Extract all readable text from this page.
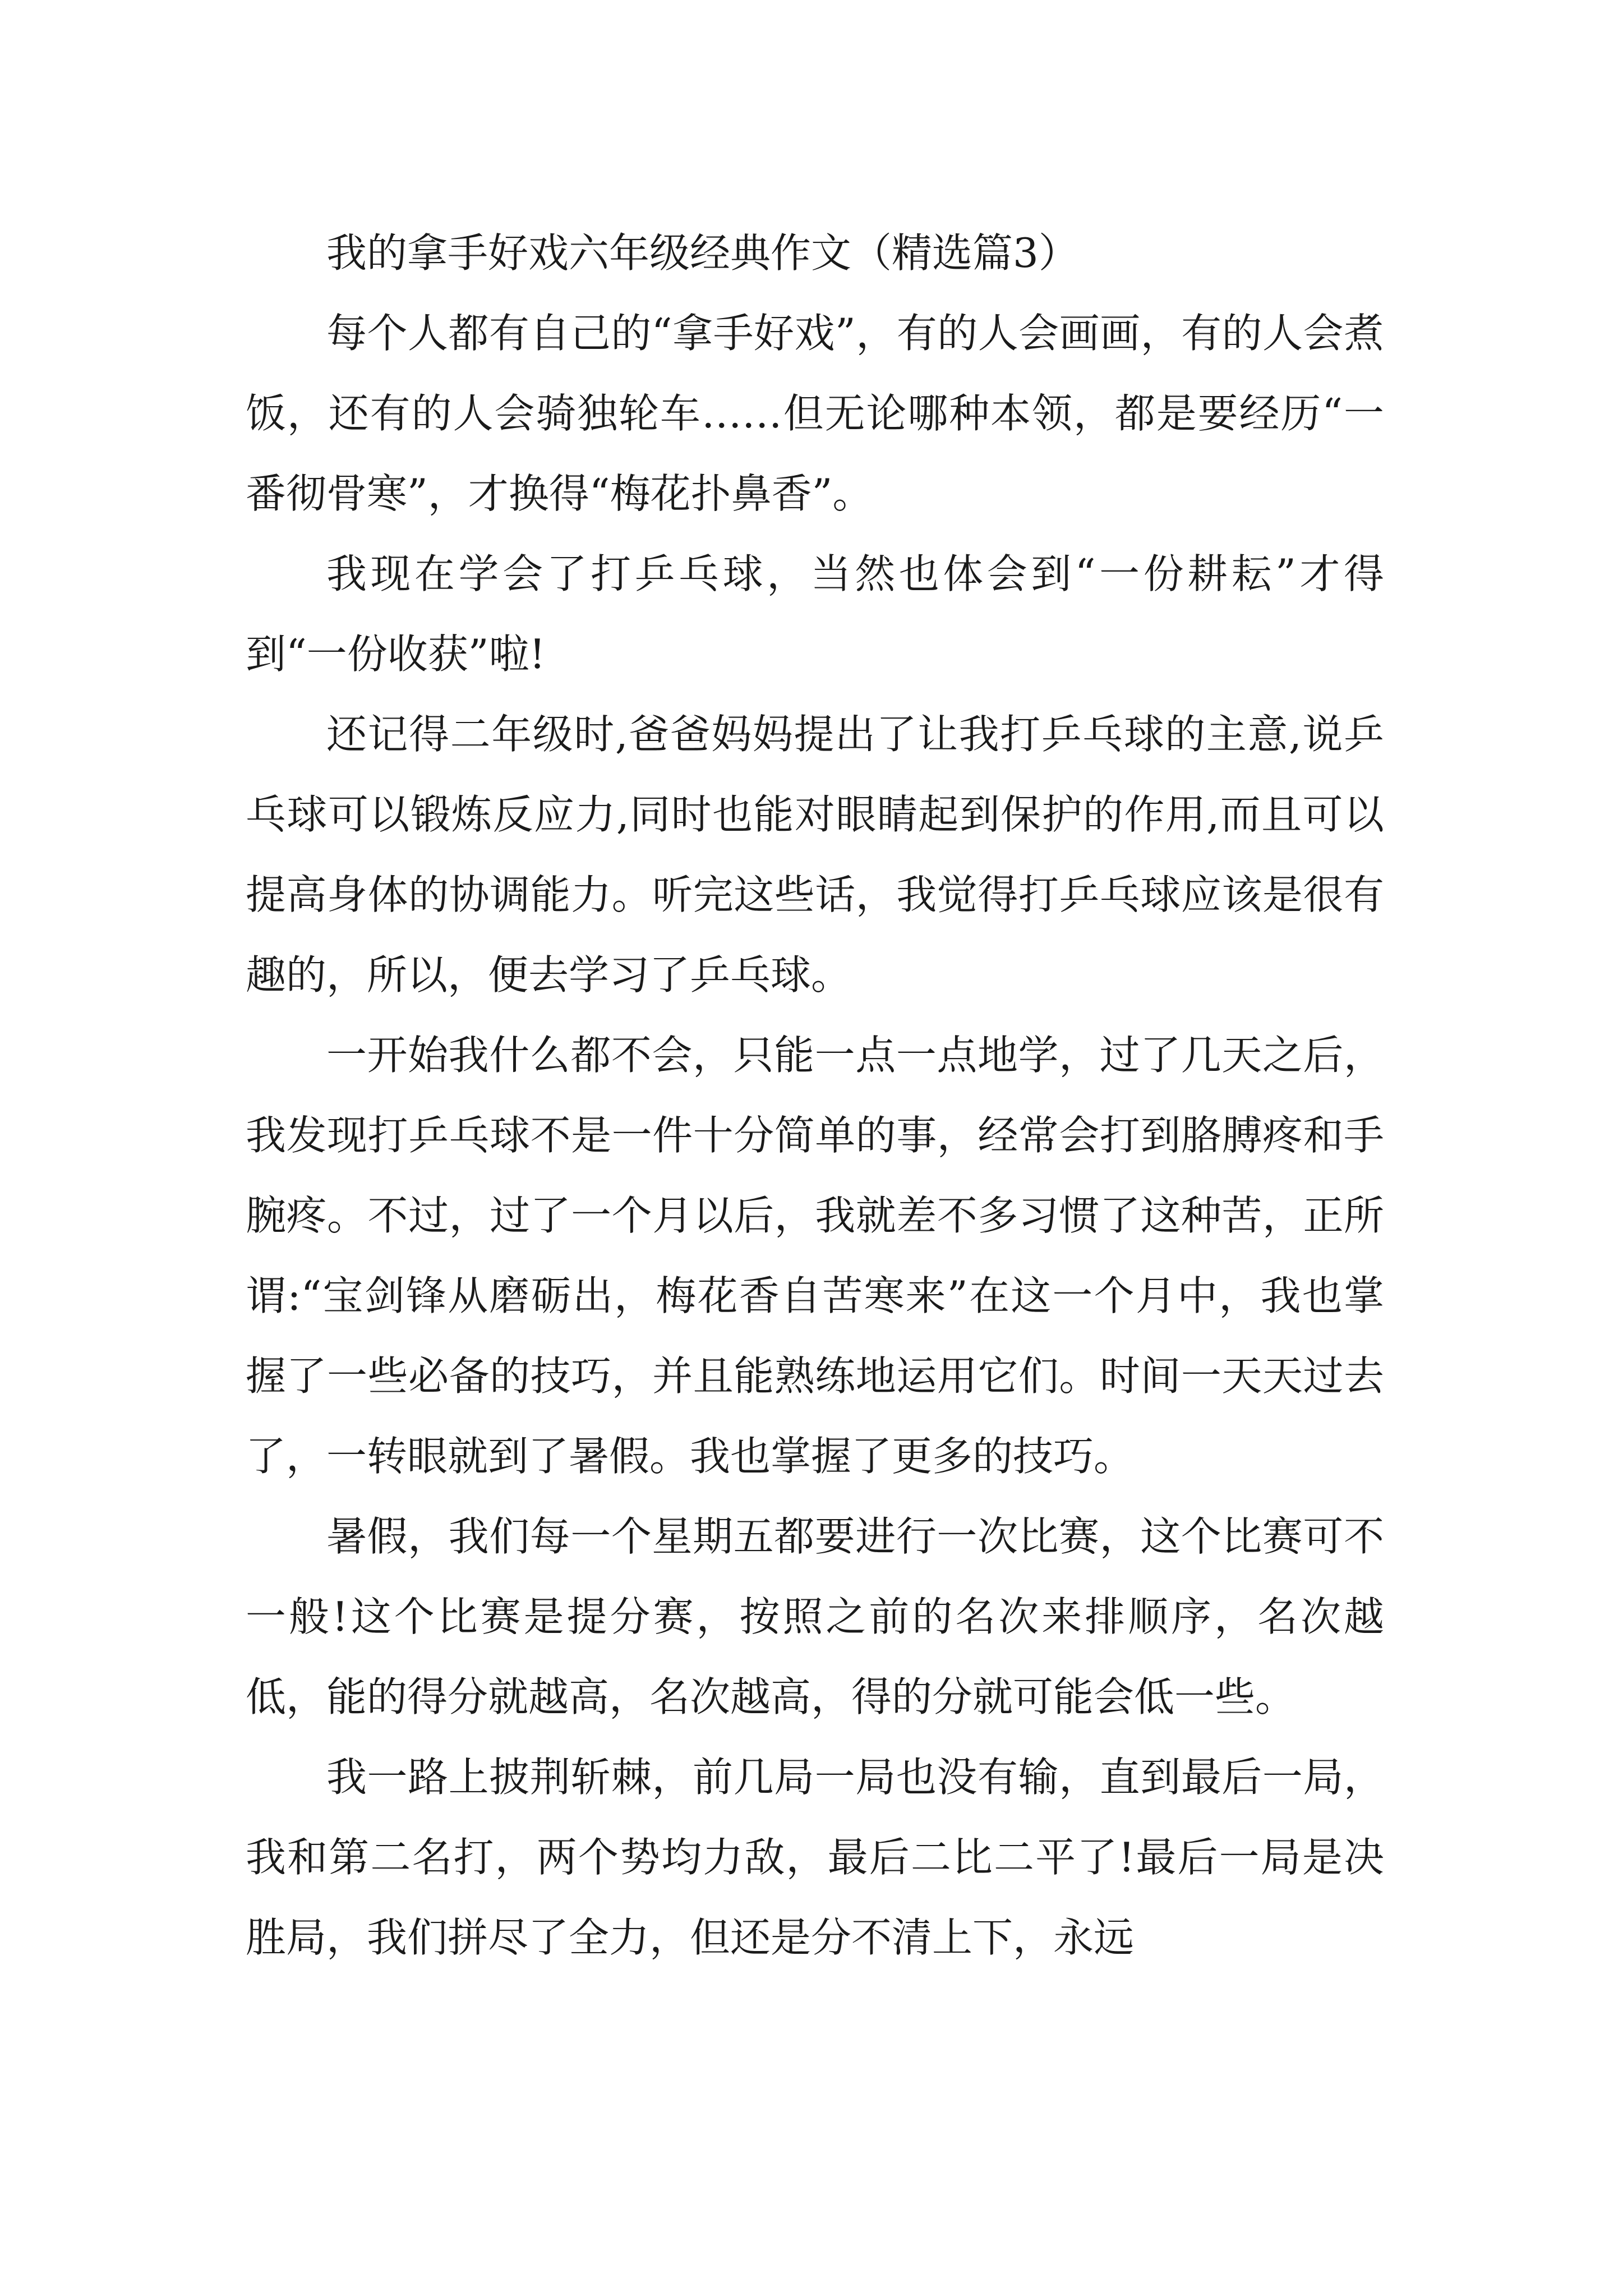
我的拿手好戏六年级经典作文（精选篇3）

每个人都有自己的“拿手好戏”，有的人会画画，有的人会煮饭，还有的人会骑独轮车……但无论哪种本领，都是要经历“一番彻骨寒”，才换得“梅花扑鼻香”。

我现在学会了打乒乓球，当然也体会到“一份耕耘”才得到“一份收获”啦!

还记得二年级时,爸爸妈妈提出了让我打乒乓球的主意,说乒乓球可以锻炼反应力,同时也能对眼睛起到保护的作用,而且可以提高身体的协调能力。听完这些话，我觉得打乒乓球应该是很有趣的，所以，便去学习了乒乓球。

一开始我什么都不会，只能一点一点地学，过了几天之后，我发现打乒乓球不是一件十分简单的事，经常会打到胳膊疼和手腕疼。不过，过了一个月以后，我就差不多习惯了这种苦，正所谓:“宝剑锋从磨砺出，梅花香自苦寒来”在这一个月中，我也掌握了一些必备的技巧，并且能熟练地运用它们。时间一天天过去了，一转眼就到了暑假。我也掌握了更多的技巧。

暑假，我们每一个星期五都要进行一次比赛，这个比赛可不一般!这个比赛是提分赛，按照之前的名次来排顺序，名次越低，能的得分就越高，名次越高，得的分就可能会低一些。

我一路上披荆斩棘，前几局一局也没有输，直到最后一局，我和第二名打，两个势均力敌，最后二比二平了!最后一局是决胜局，我们拼尽了全力，但还是分不清上下，永远
